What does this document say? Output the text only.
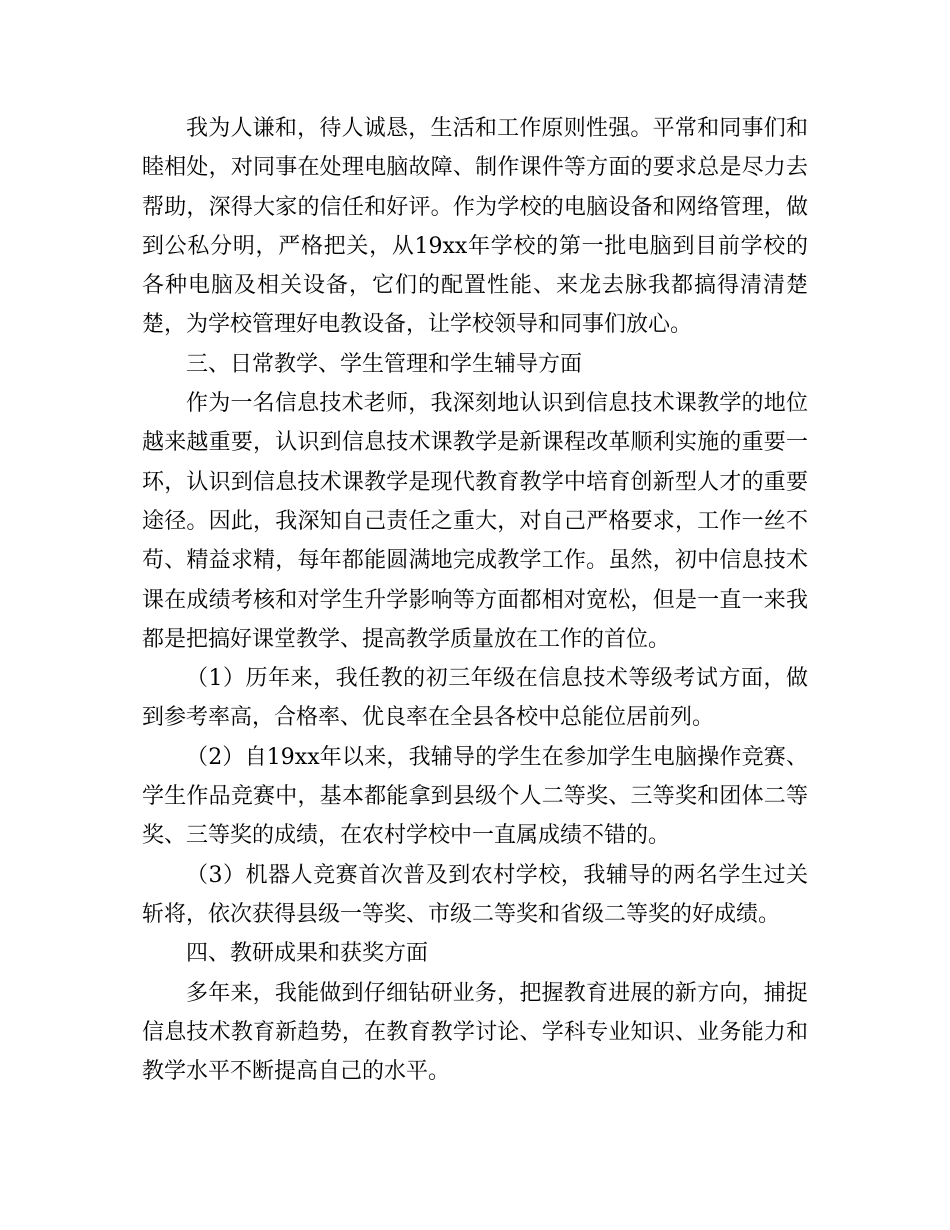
我为人谦和，待人诚恳，生活和工作原则性强。平常和同事们和睦相处，对同事在处理电脑故障、制作课件等方面的要求总是尽力去帮助，深得大家的信任和好评。作为学校的电脑设备和网络管理，做到公私分明，严格把关，从19xx年学校的第一批电脑到目前学校的各种电脑及相关设备，它们的配置性能、来龙去脉我都搞得清清楚楚，为学校管理好电教设备，让学校领导和同事们放心。

三、日常教学、学生管理和学生辅导方面

作为一名信息技术老师，我深刻地认识到信息技术课教学的地位越来越重要，认识到信息技术课教学是新课程改革顺利实施的重要一环，认识到信息技术课教学是现代教育教学中培育创新型人才的重要途径。因此，我深知自己责任之重大，对自己严格要求，工作一丝不苟、精益求精，每年都能圆满地完成教学工作。虽然，初中信息技术课在成绩考核和对学生升学影响等方面都相对宽松，但是一直一来我都是把搞好课堂教学、提高教学质量放在工作的首位。

（1）历年来，我任教的初三年级在信息技术等级考试方面，做到参考率高，合格率、优良率在全县各校中总能位居前列。

（2）自19xx年以来，我辅导的学生在参加学生电脑操作竞赛、学生作品竞赛中，基本都能拿到县级个人二等奖、三等奖和团体二等奖、三等奖的成绩，在农村学校中一直属成绩不错的。

（3）机器人竞赛首次普及到农村学校，我辅导的两名学生过关斩将，依次获得县级一等奖、市级二等奖和省级二等奖的好成绩。

四、教研成果和获奖方面

多年来，我能做到仔细钻研业务，把握教育进展的新方向，捕捉信息技术教育新趋势，在教育教学讨论、学科专业知识、业务能力和教学水平不断提高自己的水平。
